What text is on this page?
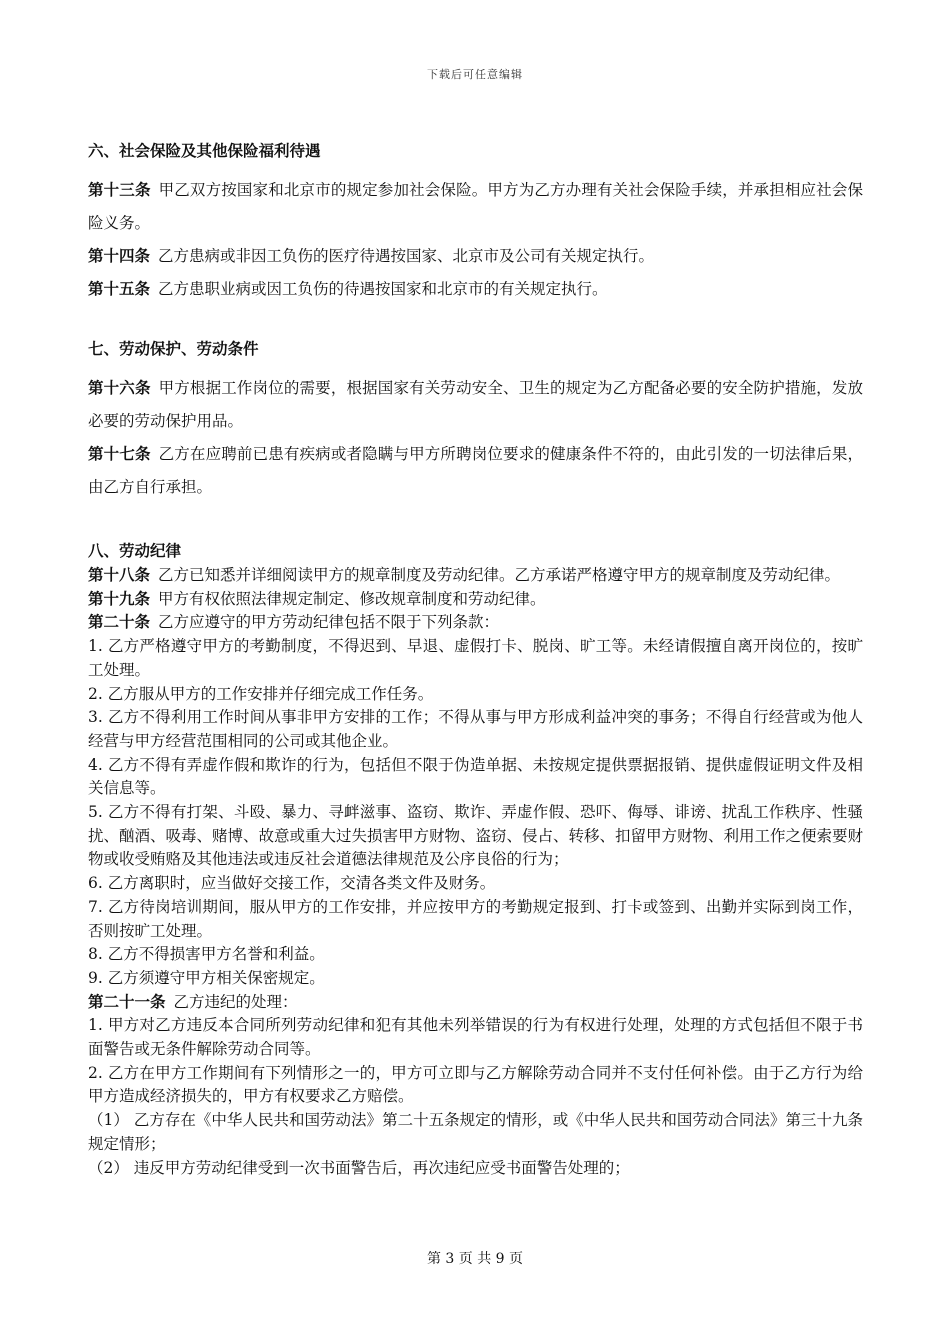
下载后可任意编辑
六、社会保险及其他保险福利待遇

第十三条 甲乙双方按国家和北京市的规定参加社会保险。甲方为乙方办理有关社会保险手续，并承担相应社会保险义务。

第十四条 乙方患病或非因工负伤的医疗待遇按国家、北京市及公司有关规定执行。

第十五条 乙方患职业病或因工负伤的待遇按国家和北京市的有关规定执行。

七、劳动保护、劳动条件

第十六条 甲方根据工作岗位的需要，根据国家有关劳动安全、卫生的规定为乙方配备必要的安全防护措施，发放必要的劳动保护用品。

第十七条 乙方在应聘前已患有疾病或者隐瞒与甲方所聘岗位要求的健康条件不符的，由此引发的一切法律后果，由乙方自行承担。

八、劳动纪律

第十八条 乙方已知悉并详细阅读甲方的规章制度及劳动纪律。乙方承诺严格遵守甲方的规章制度及劳动纪律。

第十九条 甲方有权依照法律规定制定、修改规章制度和劳动纪律。

第二十条 乙方应遵守的甲方劳动纪律包括不限于下列条款：

1. 乙方严格遵守甲方的考勤制度，不得迟到、早退、虚假打卡、脱岗、旷工等。未经请假擅自离开岗位的，按旷工处理。

2. 乙方服从甲方的工作安排并仔细完成工作任务。

3. 乙方不得利用工作时间从事非甲方安排的工作；不得从事与甲方形成利益冲突的事务；不得自行经营或为他人经营与甲方经营范围相同的公司或其他企业。

4. 乙方不得有弄虚作假和欺诈的行为，包括但不限于伪造单据、未按规定提供票据报销、提供虚假证明文件及相关信息等。

5. 乙方不得有打架、斗殴、暴力、寻衅滋事、盗窃、欺诈、弄虚作假、恐吓、侮辱、诽谤、扰乱工作秩序、性骚扰、酗酒、吸毒、赌博、故意或重大过失损害甲方财物、盗窃、侵占、转移、扣留甲方财物、利用工作之便索要财物或收受贿赂及其他违法或违反社会道德法律规范及公序良俗的行为；

6. 乙方离职时，应当做好交接工作，交清各类文件及财务。

7. 乙方待岗培训期间，服从甲方的工作安排，并应按甲方的考勤规定报到、打卡或签到、出勤并实际到岗工作，否则按旷工处理。

8. 乙方不得损害甲方名誉和利益。

9. 乙方须遵守甲方相关保密规定。

第二十一条 乙方违纪的处理：

1. 甲方对乙方违反本合同所列劳动纪律和犯有其他未列举错误的行为有权进行处理，处理的方式包括但不限于书面警告或无条件解除劳动合同等。

2. 乙方在甲方工作期间有下列情形之一的，甲方可立即与乙方解除劳动合同并不支付任何补偿。由于乙方行为给甲方造成经济损失的，甲方有权要求乙方赔偿。

（1） 乙方存在《中华人民共和国劳动法》第二十五条规定的情形，或《中华人民共和国劳动合同法》第三十九条规定情形；

（2） 违反甲方劳动纪律受到一次书面警告后，再次违纪应受书面警告处理的；

第 3 页 共 9 页
